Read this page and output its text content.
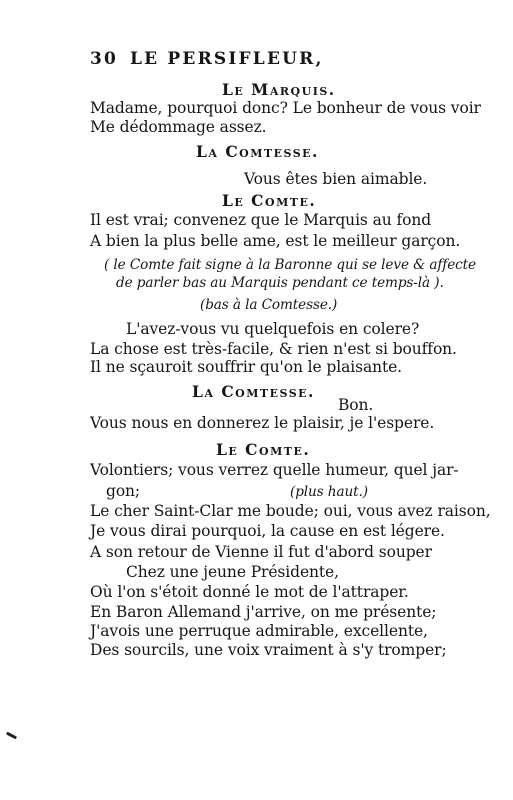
30 LE PERSIFLEUR,
Le Marquis.
Madame, pourquoi donc? Le bonheur de vous voir
Me dédommage assez.
La Comtesse.
Vous êtes bien aimable.
Le Comte.
Il est vrai; convenez que le Marquis au fond
A bien la plus belle ame, est le meilleur garçon.
( le Comte fait signe à la Baronne qui se leve & affecte
de parler bas au Marquis pendant ce temps-là ).
(bas à la Comtesse.)
L'avez-vous vu quelquefois en colere?
La chose est très-facile, & rien n'est si bouffon.
Il ne sçauroit souffrir qu'on le plaisante.
La Comtesse.
Bon.
Vous nous en donnerez le plaisir, je l'espere.
Le Comte.
Volontiers; vous verrez quelle humeur, quel jar-
gon;	(plus haut.)
Le cher Saint-Clar me boude; oui, vous avez raison,
Je vous dirai pourquoi, la cause en est légere.
A son retour de Vienne il fut d'abord souper
Chez une jeune Présidente,
Où l'on s'étoit donné le mot de l'attraper.
En Baron Allemand j'arrive, on me présente;
J'avois une perruque admirable, excellente,
Des sourcils, une voix vraiment à s'y tromper;
